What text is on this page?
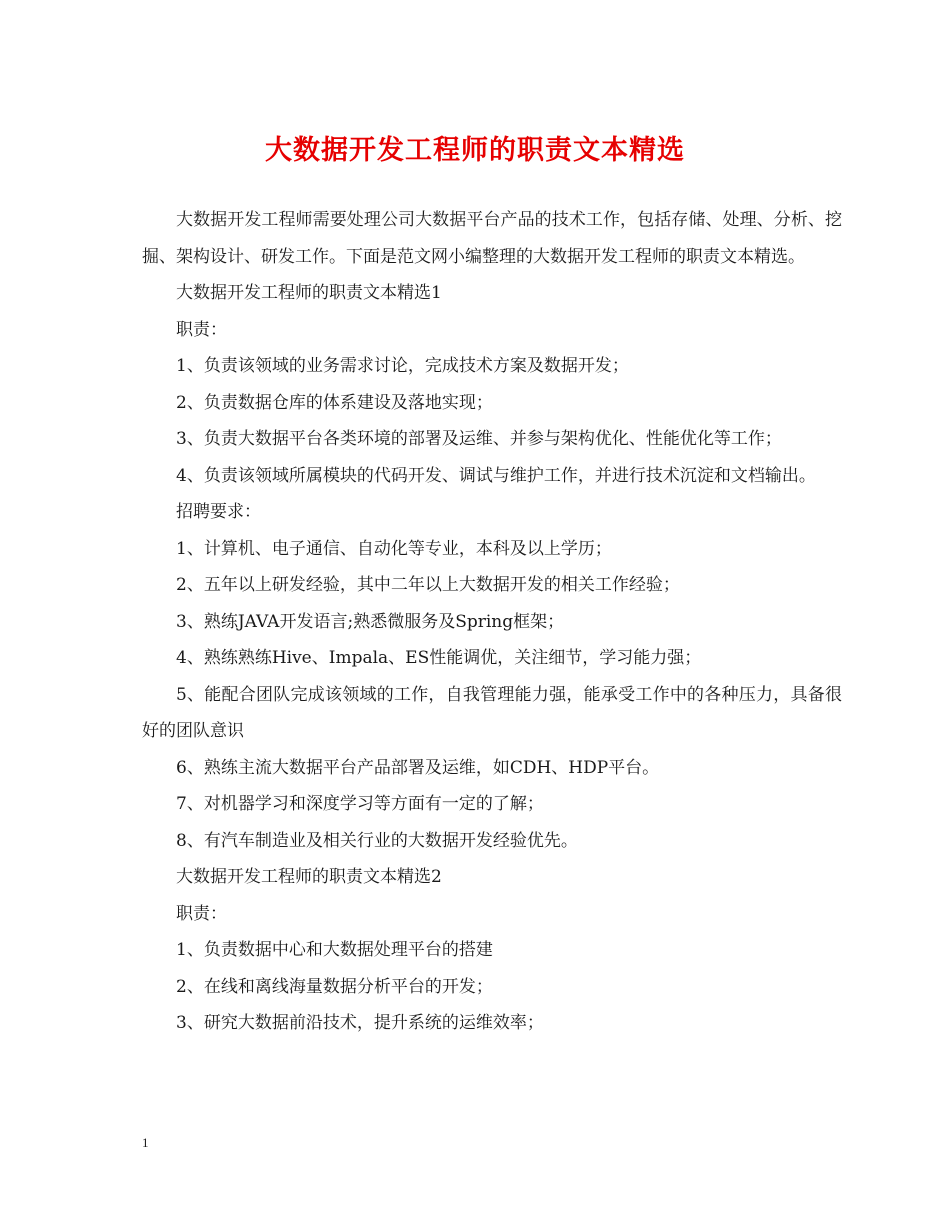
大数据开发工程师的职责文本精选

大数据开发工程师需要处理公司大数据平台产品的技术工作，包括存储、处理、分析、挖掘、架构设计、研发工作。下面是范文网小编整理的大数据开发工程师的职责文本精选。

大数据开发工程师的职责文本精选1

职责：

1、负责该领域的业务需求讨论，完成技术方案及数据开发；

2、负责数据仓库的体系建设及落地实现；

3、负责大数据平台各类环境的部署及运维、并参与架构优化、性能优化等工作；

4、负责该领域所属模块的代码开发、调试与维护工作，并进行技术沉淀和文档输出。

招聘要求：

1、计算机、电子通信、自动化等专业，本科及以上学历；

2、五年以上研发经验，其中二年以上大数据开发的相关工作经验；

3、熟练JAVA开发语言;熟悉微服务及Spring框架；

4、熟练熟练Hive、Impala、ES性能调优，关注细节，学习能力强；

5、能配合团队完成该领域的工作，自我管理能力强，能承受工作中的各种压力，具备很好的团队意识

6、熟练主流大数据平台产品部署及运维，如CDH、HDP平台。

7、对机器学习和深度学习等方面有一定的了解；

8、有汽车制造业及相关行业的大数据开发经验优先。

大数据开发工程师的职责文本精选2

职责：

1、负责数据中心和大数据处理平台的搭建

2、在线和离线海量数据分析平台的开发；

3、研究大数据前沿技术，提升系统的运维效率；

1
